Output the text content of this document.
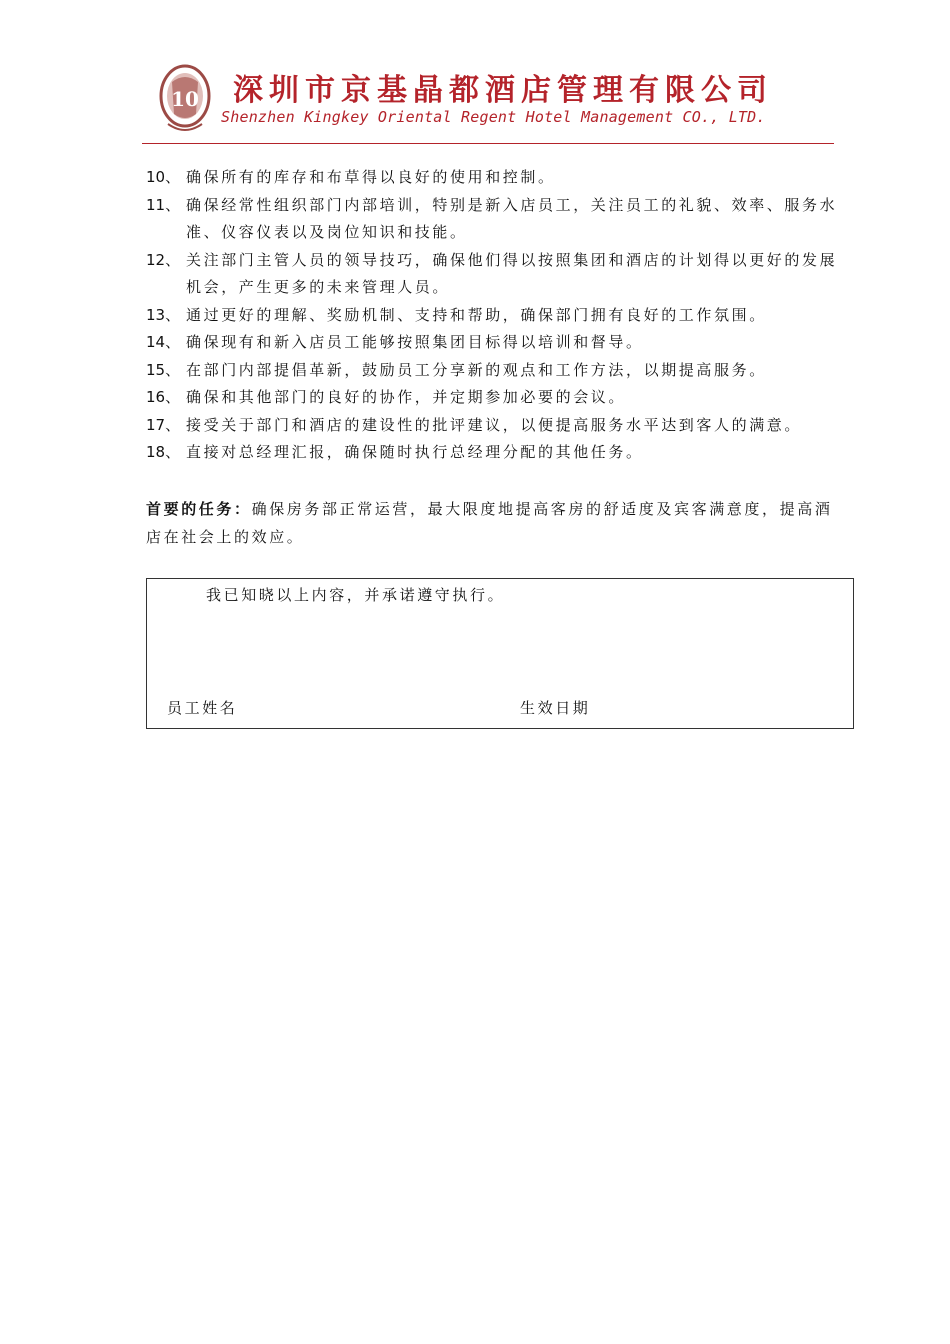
10 深圳市京基晶都酒店管理有限公司
Shenzhen Kingkey Oriental Regent Hotel Management CO., LTD.
10、 确保所有的库存和布草得以良好的使用和控制。
11、 确保经常性组织部门内部培训，特别是新入店员工，关注员工的礼貌、效率、服务水准、仪容仪表以及岗位知识和技能。
12、 关注部门主管人员的领导技巧，确保他们得以按照集团和酒店的计划得以更好的发展机会，产生更多的未来管理人员。
13、 通过更好的理解、奖励机制、支持和帮助，确保部门拥有良好的工作氛围。
14、 确保现有和新入店员工能够按照集团目标得以培训和督导。
15、 在部门内部提倡革新，鼓励员工分享新的观点和工作方法，以期提高服务。
16、 确保和其他部门的良好的协作，并定期参加必要的会议。
17、 接受关于部门和酒店的建设性的批评建议，以便提高服务水平达到客人的满意。
18、 直接对总经理汇报，确保随时执行总经理分配的其他任务。
首要的任务：确保房务部正常运营，最大限度地提高客房的舒适度及宾客满意度，提高酒店在社会上的效应。
我已知晓以上内容，并承诺遵守执行。
员工姓名	生效日期
